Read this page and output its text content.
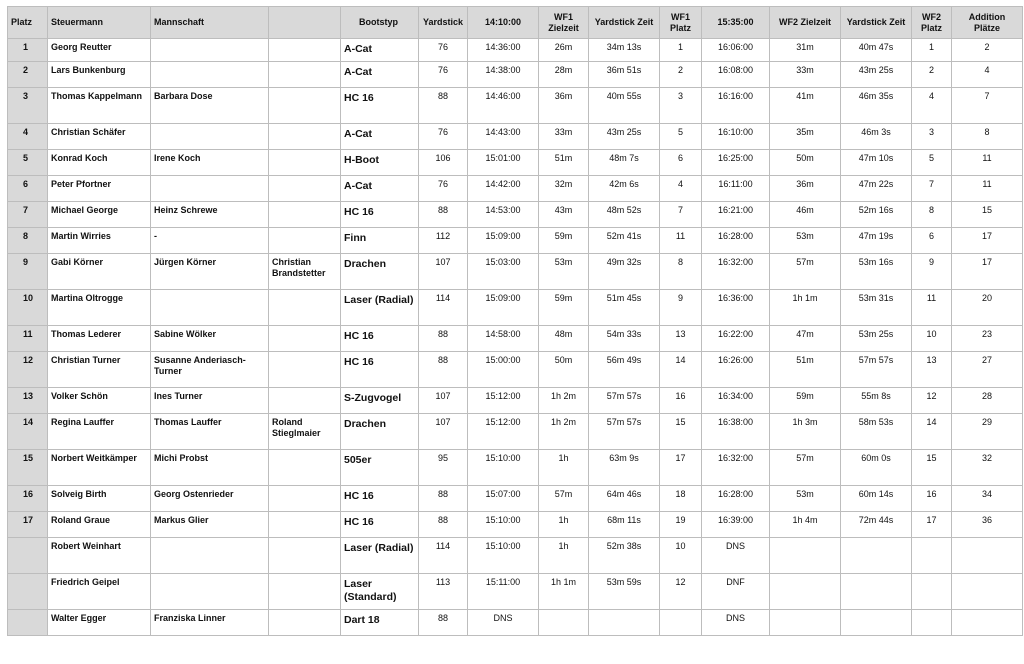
Platz	Steuermann	Mannschaft		Bootstyp	Yardstick	14:10:00	WF1 Zielzeit	Yardstick Zeit	WF1 Platz	15:35:00	WF2 Zielzeit	Yardstick Zeit	WF2 Platz	Addition Plätze
1	Georg Reutter			A-Cat	76	14:36:00	26m	34m 13s	1	16:06:00	31m	40m 47s	1	2
2	Lars Bunkenburg			A-Cat	76	14:38:00	28m	36m 51s	2	16:08:00	33m	43m 25s	2	4
3	Thomas Kappelmann	Barbara Dose		HC 16	88	14:46:00	36m	40m 55s	3	16:16:00	41m	46m 35s	4	7
4	Christian Schäfer			A-Cat	76	14:43:00	33m	43m 25s	5	16:10:00	35m	46m 3s	3	8
5	Konrad Koch	Irene Koch		H-Boot	106	15:01:00	51m	48m 7s	6	16:25:00	50m	47m 10s	5	11
6	Peter Pfortner			A-Cat	76	14:42:00	32m	42m 6s	4	16:11:00	36m	47m 22s	7	11
7	Michael George	Heinz Schrewe		HC 16	88	14:53:00	43m	48m 52s	7	16:21:00	46m	52m 16s	8	15
8	Martin Wirries	-		Finn	112	15:09:00	59m	52m 41s	11	16:28:00	53m	47m 19s	6	17
9	Gabi Körner	Jürgen Körner	Christian Brandstetter	Drachen	107	15:03:00	53m	49m 32s	8	16:32:00	57m	53m 16s	9	17
10	Martina Oltrogge			Laser (Radial)	114	15:09:00	59m	51m 45s	9	16:36:00	1h 1m	53m 31s	11	20
11	Thomas Lederer	Sabine Wölker		HC 16	88	14:58:00	48m	54m 33s	13	16:22:00	47m	53m 25s	10	23
12	Christian Turner	Susanne Anderiasch-Turner		HC 16	88	15:00:00	50m	56m 49s	14	16:26:00	51m	57m 57s	13	27
13	Volker Schön	Ines Turner		S-Zugvogel	107	15:12:00	1h 2m	57m 57s	16	16:34:00	59m	55m 8s	12	28
14	Regina Lauffer	Thomas Lauffer	Roland Stieglmaier	Drachen	107	15:12:00	1h 2m	57m 57s	15	16:38:00	1h 3m	58m 53s	14	29
15	Norbert Weitkämper	Michi Probst		505er	95	15:10:00	1h	63m 9s	17	16:32:00	57m	60m 0s	15	32
16	Solveig Birth	Georg Ostenrieder		HC 16	88	15:07:00	57m	64m 46s	18	16:28:00	53m	60m 14s	16	34
17	Roland Graue	Markus Glier		HC 16	88	15:10:00	1h	68m 11s	19	16:39:00	1h 4m	72m 44s	17	36
	Robert Weinhart			Laser (Radial)	114	15:10:00	1h	52m 38s	10	DNS				
	Friedrich Geipel			Laser (Standard)	113	15:11:00	1h 1m	53m 59s	12	DNF				
	Walter Egger	Franziska Linner		Dart 18	88	DNS				DNS				
